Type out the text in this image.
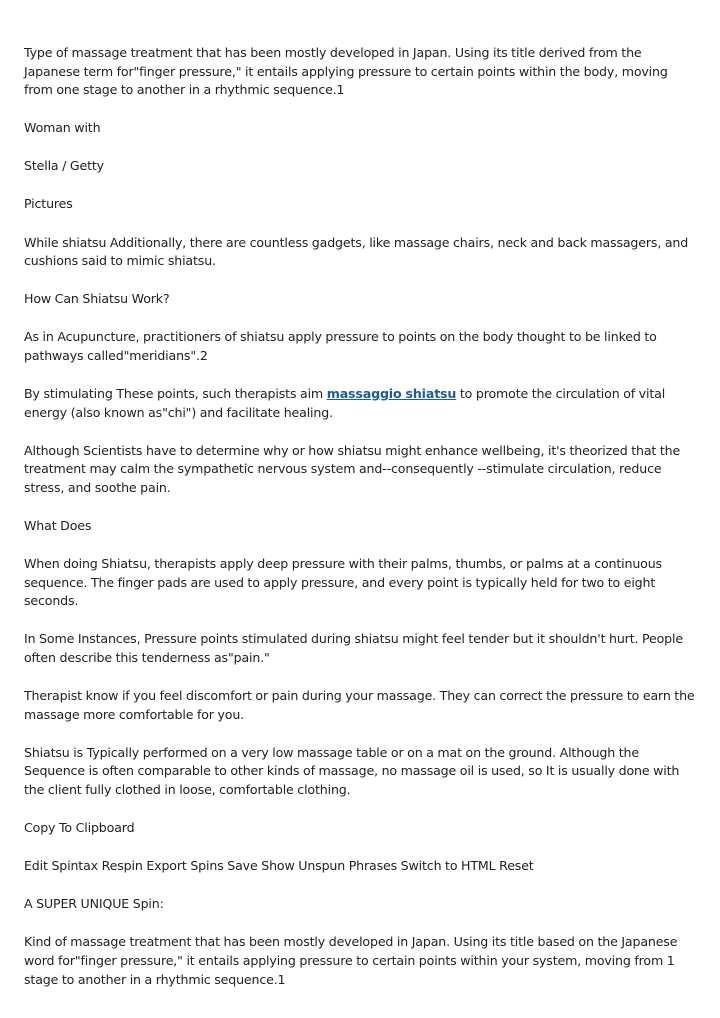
Type of massage treatment that has been mostly developed in Japan. Using its title derived from the Japanese term for"finger pressure," it entails applying pressure to certain points within the body, moving from one stage to another in a rhythmic sequence.1

Woman with

Stella / Getty

Pictures

While shiatsu Additionally, there are countless gadgets, like massage chairs, neck and back massagers, and cushions said to mimic shiatsu.

How Can Shiatsu Work?

As in Acupuncture, practitioners of shiatsu apply pressure to points on the body thought to be linked to pathways called"meridians".2

By stimulating These points, such therapists aim massaggio shiatsu to promote the circulation of vital energy (also known as"chi") and facilitate healing.

Although Scientists have to determine why or how shiatsu might enhance wellbeing, it's theorized that the treatment may calm the sympathetic nervous system and--consequently --stimulate circulation, reduce stress, and soothe pain.

What Does

When doing Shiatsu, therapists apply deep pressure with their palms, thumbs, or palms at a continuous sequence. The finger pads are used to apply pressure, and every point is typically held for two to eight seconds.

In Some Instances, Pressure points stimulated during shiatsu might feel tender but it shouldn't hurt. People often describe this tenderness as"pain."

Therapist know if you feel discomfort or pain during your massage. They can correct the pressure to earn the massage more comfortable for you.

Shiatsu is Typically performed on a very low massage table or on a mat on the ground. Although the Sequence is often comparable to other kinds of massage, no massage oil is used, so It is usually done with the client fully clothed in loose, comfortable clothing.

Copy To Clipboard

Edit Spintax Respin Export Spins Save Show Unspun Phrases Switch to HTML Reset

A SUPER UNIQUE Spin:

Kind of massage treatment that has been mostly developed in Japan. Using its title based on the Japanese word for"finger pressure," it entails applying pressure to certain points within your system, moving from 1 stage to another in a rhythmic sequence.1
